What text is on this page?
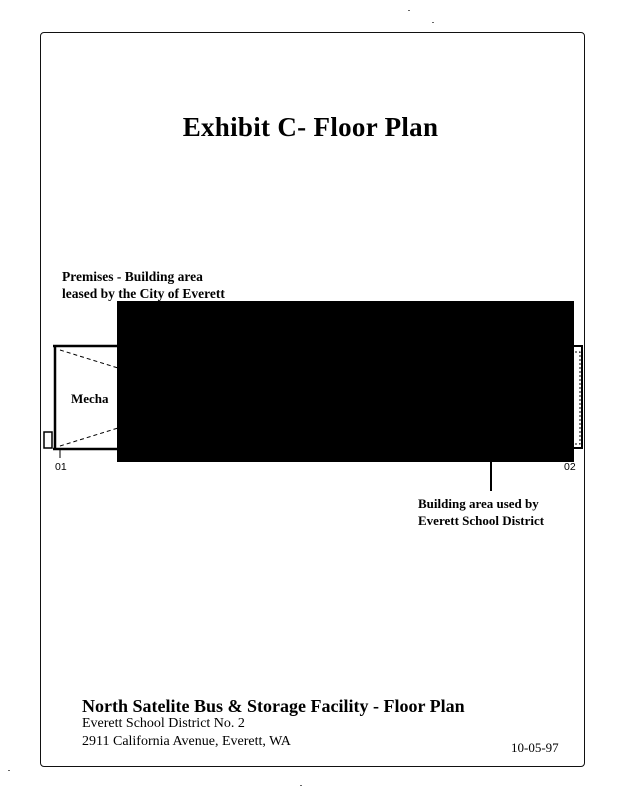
Exhibit C- Floor Plan
Premises - Building area
leased by the City of Everett
Mecha
01	02
Building area used by
Everett School District
North Satelite Bus & Storage Facility - Floor Plan
Everett School District No. 2
2911 California Avenue, Everett, WA	10-05-97
